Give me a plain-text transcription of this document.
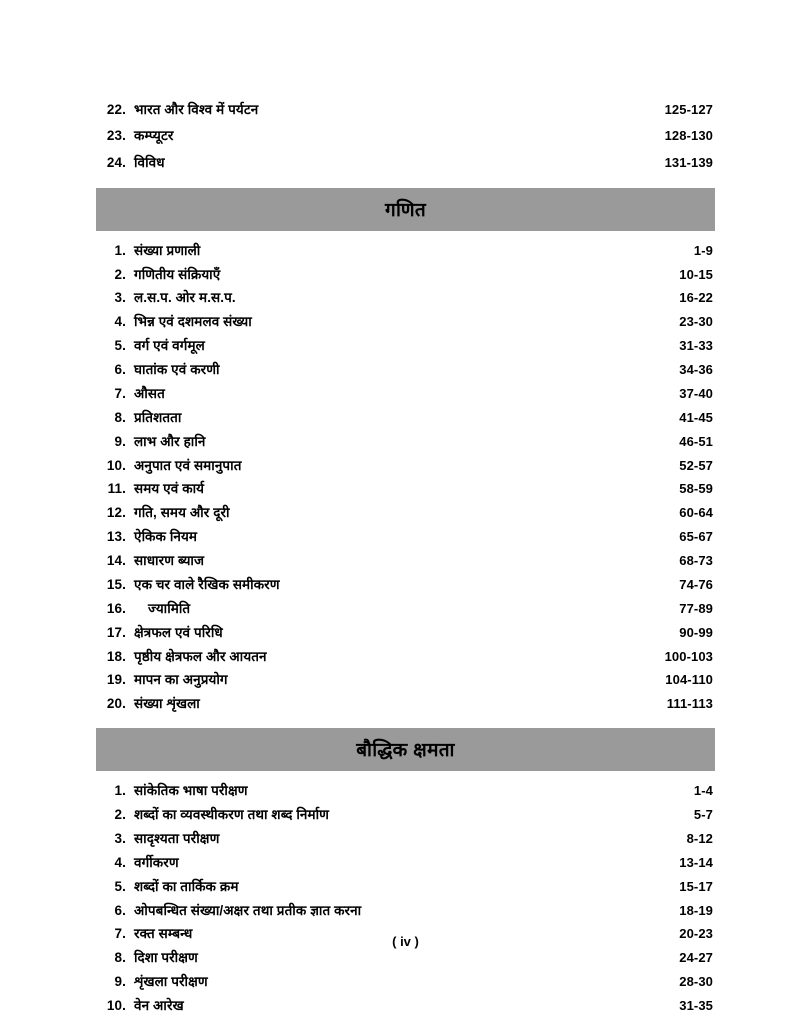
22. भारत और विश्व में पर्यटन	125-127
23. कम्प्यूटर	128-130
24. विविध	131-139
गणित
1. संख्या प्रणाली	1-9
2. गणितीय संक्रियाएँ	10-15
3. ल.स.प. ओर म.स.प.	16-22
4. भिन्न एवं दशमलव संख्या	23-30
5. वर्ग एवं वर्गमूल	31-33
6. घातांक एवं करणी	34-36
7. औसत	37-40
8. प्रतिशतता	41-45
9. लाभ और हानि	46-51
10. अनुपात एवं समानुपात	52-57
11. समय एवं कार्य	58-59
12. गति, समय और दूरी	60-64
13. ऐकिक नियम	65-67
14. साधारण ब्याज	68-73
15. एक चर वाले रैखिक समीकरण	74-76
16. ज्यामिति	77-89
17. क्षेत्रफल एवं परिधि	90-99
18. पृष्ठीय क्षेत्रफल और आयतन	100-103
19. मापन का अनुप्रयोग	104-110
20. संख्या शृंखला	111-113
बौद्धिक क्षमता
1. सांकेतिक भाषा परीक्षण	1-4
2. शब्दों का व्यवस्थीकरण तथा शब्द निर्माण	5-7
3. सादृश्यता परीक्षण	8-12
4. वर्गीकरण	13-14
5. शब्दों का तार्किक क्रम	15-17
6. ओपबन्धित संख्या/अक्षर तथा प्रतीक ज्ञात करना	18-19
7. रक्त सम्बन्ध	20-23
8. दिशा परीक्षण	24-27
9. शृंखला परीक्षण	28-30
10. वेन आरेख	31-35
( iv )
